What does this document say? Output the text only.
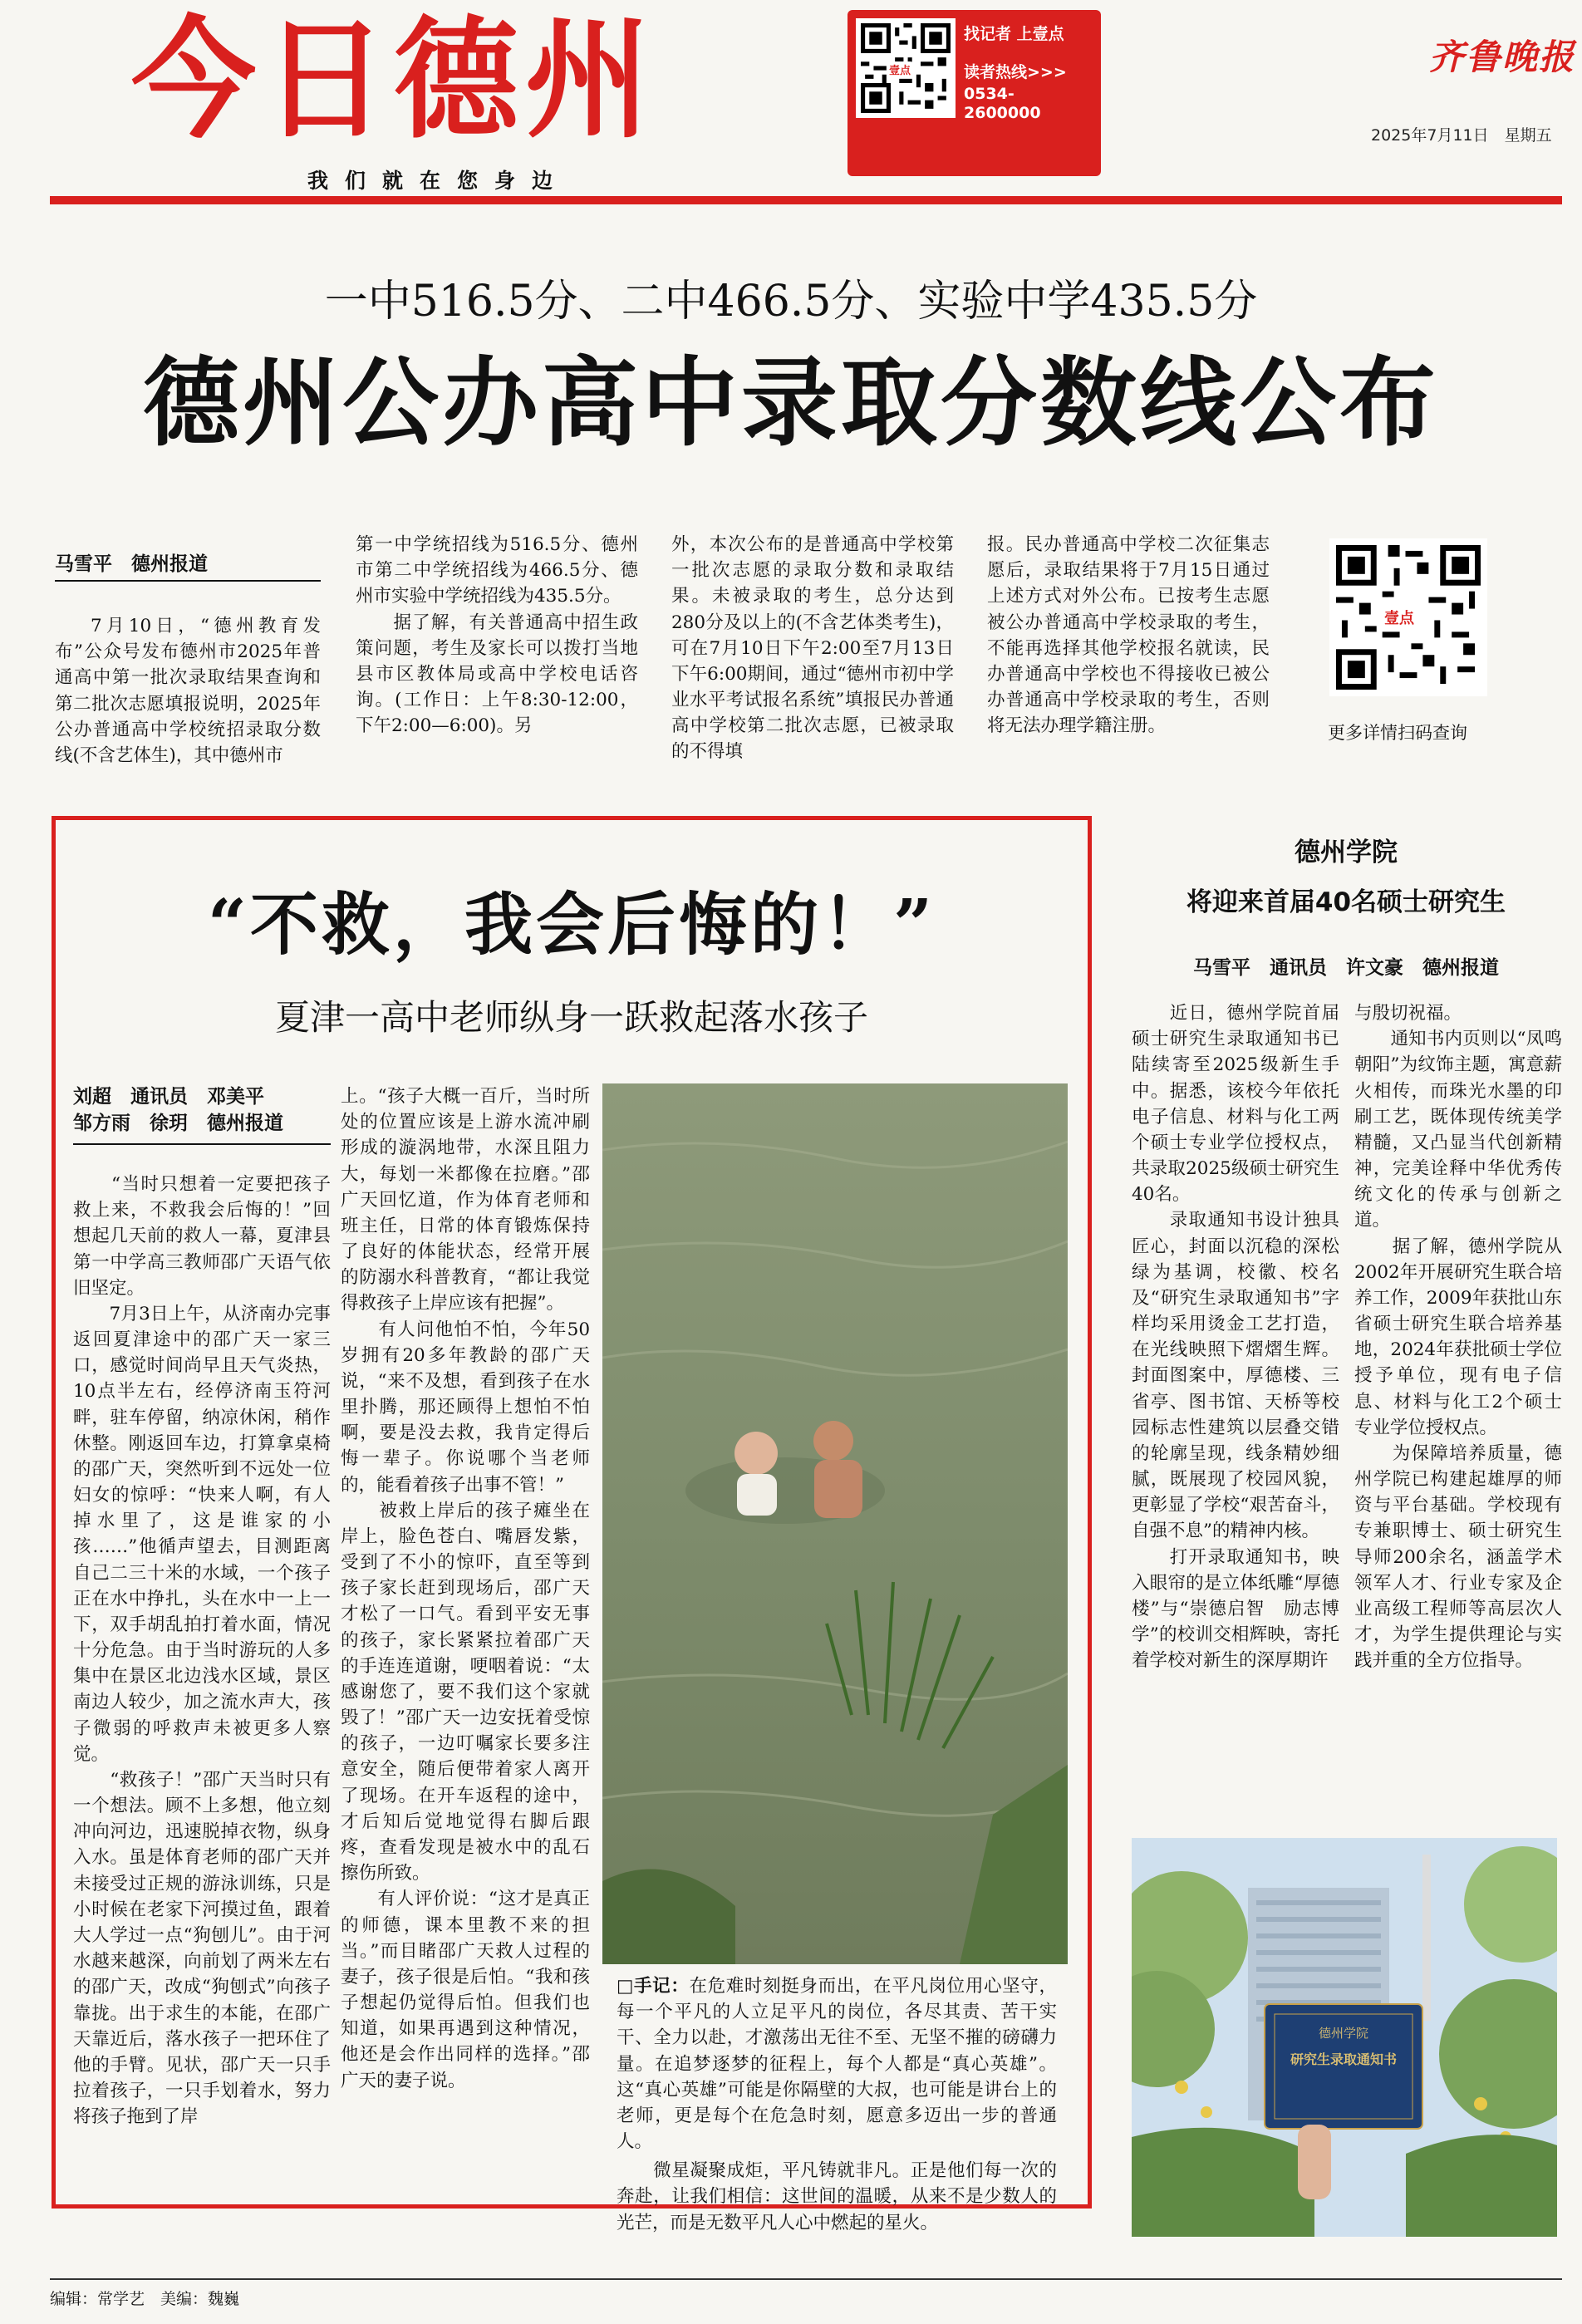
今日德州
我们就在您身边
壹点
找记者 上壹点
读者热线>>>
0534-2600000
齐鲁晚报
2025年7月11日　星期五
一中516.5分、二中466.5分、实验中学435.5分
德州公办高中录取分数线公布
马雪平　德州报道
7月10日，“德州教育发布”公众号发布德州市2025年普通高中第一批次录取结果查询和第二批次志愿填报说明，2025年公办普通高中学校统招录取分数线(不含艺体生)，其中德州市
第一中学统招线为516.5分、德州市第二中学统招线为466.5分、德州市实验中学统招线为435.5分。
　　据了解，有关普通高中招生政策问题，考生及家长可以拨打当地县市区教体局或高中学校电话咨询。(工作日：上午8:30-12:00，下午2:00—6:00)。另
外，本次公布的是普通高中学校第一批次志愿的录取分数和录取结果。未被录取的考生，总分达到280分及以上的(不含艺体类考生)，可在7月10日下午2:00至7月13日下午6:00期间，通过“德州市初中学业水平考试报名系统”填报民办普通高中学校第二批次志愿，已被录取的不得填
报。民办普通高中学校二次征集志愿后，录取结果将于7月15日通过上述方式对外公布。已按考生志愿被公办普通高中学校录取的考生，不能再选择其他学校报名就读，民办普通高中学校也不得接收已被公办普通高中学校录取的考生，否则将无法办理学籍注册。
壹点
更多详情扫码查询
“不救，我会后悔的！”
夏津一高中老师纵身一跃救起落水孩子
刘超　通讯员　邓美平
邹方雨　徐玥　德州报道
　　“当时只想着一定要把孩子救上来，不救我会后悔的！”回想起几天前的救人一幕，夏津县第一中学高三教师邵广天语气依旧坚定。
　　7月3日上午，从济南办完事返回夏津途中的邵广天一家三口，感觉时间尚早且天气炎热，10点半左右，经停济南玉符河畔，驻车停留，纳凉休闲，稍作休整。刚返回车边，打算拿桌椅的邵广天，突然听到不远处一位妇女的惊呼：“快来人啊，有人掉水里了，这是谁家的小孩……”他循声望去，目测距离自己二三十米的水域，一个孩子正在水中挣扎，头在水中一上一下，双手胡乱拍打着水面，情况十分危急。由于当时游玩的人多集中在景区北边浅水区域，景区南边人较少，加之流水声大，孩子微弱的呼救声未被更多人察觉。
　　“救孩子！”邵广天当时只有一个想法。顾不上多想，他立刻冲向河边，迅速脱掉衣物，纵身入水。虽是体育老师的邵广天并未接受过正规的游泳训练，只是小时候在老家下河摸过鱼，跟着大人学过一点“狗刨儿”。由于河水越来越深，向前划了两米左右的邵广天，改成“狗刨式”向孩子靠拢。出于求生的本能，在邵广天靠近后，落水孩子一把环住了他的手臂。见状，邵广天一只手拉着孩子，一只手划着水，努力将孩子拖到了岸
上。“孩子大概一百斤，当时所处的位置应该是上游水流冲刷形成的漩涡地带，水深且阻力大，每划一米都像在拉磨。”邵广天回忆道，作为体育老师和班主任，日常的体育锻炼保持了良好的体能状态，经常开展的防溺水科普教育，“都让我觉得救孩子上岸应该有把握”。
　　有人问他怕不怕，今年50岁拥有20多年教龄的邵广天说，“来不及想，看到孩子在水里扑腾，那还顾得上想怕不怕啊，要是没去救，我肯定得后悔一辈子。你说哪个当老师的，能看着孩子出事不管！”
　　被救上岸后的孩子瘫坐在岸上，脸色苍白、嘴唇发紫，受到了不小的惊吓，直至等到孩子家长赶到现场后，邵广天才松了一口气。看到平安无事的孩子，家长紧紧拉着邵广天的手连连道谢，哽咽着说：“太感谢您了，要不我们这个家就毁了！”邵广天一边安抚着受惊的孩子，一边叮嘱家长要多注意安全，随后便带着家人离开了现场。在开车返程的途中，才后知后觉地觉得右脚后跟疼，查看发现是被水中的乱石擦伤所致。
　　有人评价说：“这才是真正的师德，课本里教不来的担当。”而目睹邵广天救人过程的妻子，孩子很是后怕。“我和孩子想起仍觉得后怕。但我们也知道，如果再遇到这种情况，他还是会作出同样的选择。”邵广天的妻子说。
□手记：在危难时刻挺身而出，在平凡岗位用心坚守，每一个平凡的人立足平凡的岗位，各尽其责、苦干实干、全力以赴，才激荡出无往不至、无坚不摧的磅礴力量。在追梦逐梦的征程上，每个人都是“真心英雄”。这“真心英雄”可能是你隔壁的大叔，也可能是讲台上的老师，更是每个在危急时刻，愿意多迈出一步的普通人。
　　微星凝聚成炬，平凡铸就非凡。正是他们每一次的奔赴，让我们相信：这世间的温暖，从来不是少数人的光芒，而是无数平凡人心中燃起的星火。
德州学院
将迎来首届40名硕士研究生
马雪平　通讯员　许文豪　德州报道
　　近日，德州学院首届硕士研究生录取通知书已陆续寄至2025级新生手中。据悉，该校今年依托电子信息、材料与化工两个硕士专业学位授权点，共录取2025级硕士研究生40名。
　　录取通知书设计独具匠心，封面以沉稳的深松绿为基调，校徽、校名及“研究生录取通知书”字样均采用烫金工艺打造，在光线映照下熠熠生辉。封面图案中，厚德楼、三省亭、图书馆、天桥等校园标志性建筑以层叠交错的轮廓呈现，线条精妙细腻，既展现了校园风貌，更彰显了学校“艰苦奋斗，自强不息”的精神内核。
　　打开录取通知书，映入眼帘的是立体纸雕“厚德楼”与“崇德启智　励志博学”的校训交相辉映，寄托着学校对新生的深厚期许
与殷切祝福。
　　通知书内页则以“凤鸣朝阳”为纹饰主题，寓意薪火相传，而珠光水墨的印刷工艺，既体现传统美学精髓，又凸显当代创新精神，完美诠释中华优秀传统文化的传承与创新之道。
　　据了解，德州学院从2002年开展研究生联合培养工作，2009年获批山东省硕士研究生联合培养基地，2024年获批硕士学位授予单位，现有电子信息、材料与化工2个硕士专业学位授权点。
　　为保障培养质量，德州学院已构建起雄厚的师资与平台基础。学校现有专兼职博士、硕士研究生导师200余名，涵盖学术领军人才、行业专家及企业高级工程师等高层次人才，为学生提供理论与实践并重的全方位指导。
德州学院
研究生录取通知书
编辑：常学艺　美编：魏巍
